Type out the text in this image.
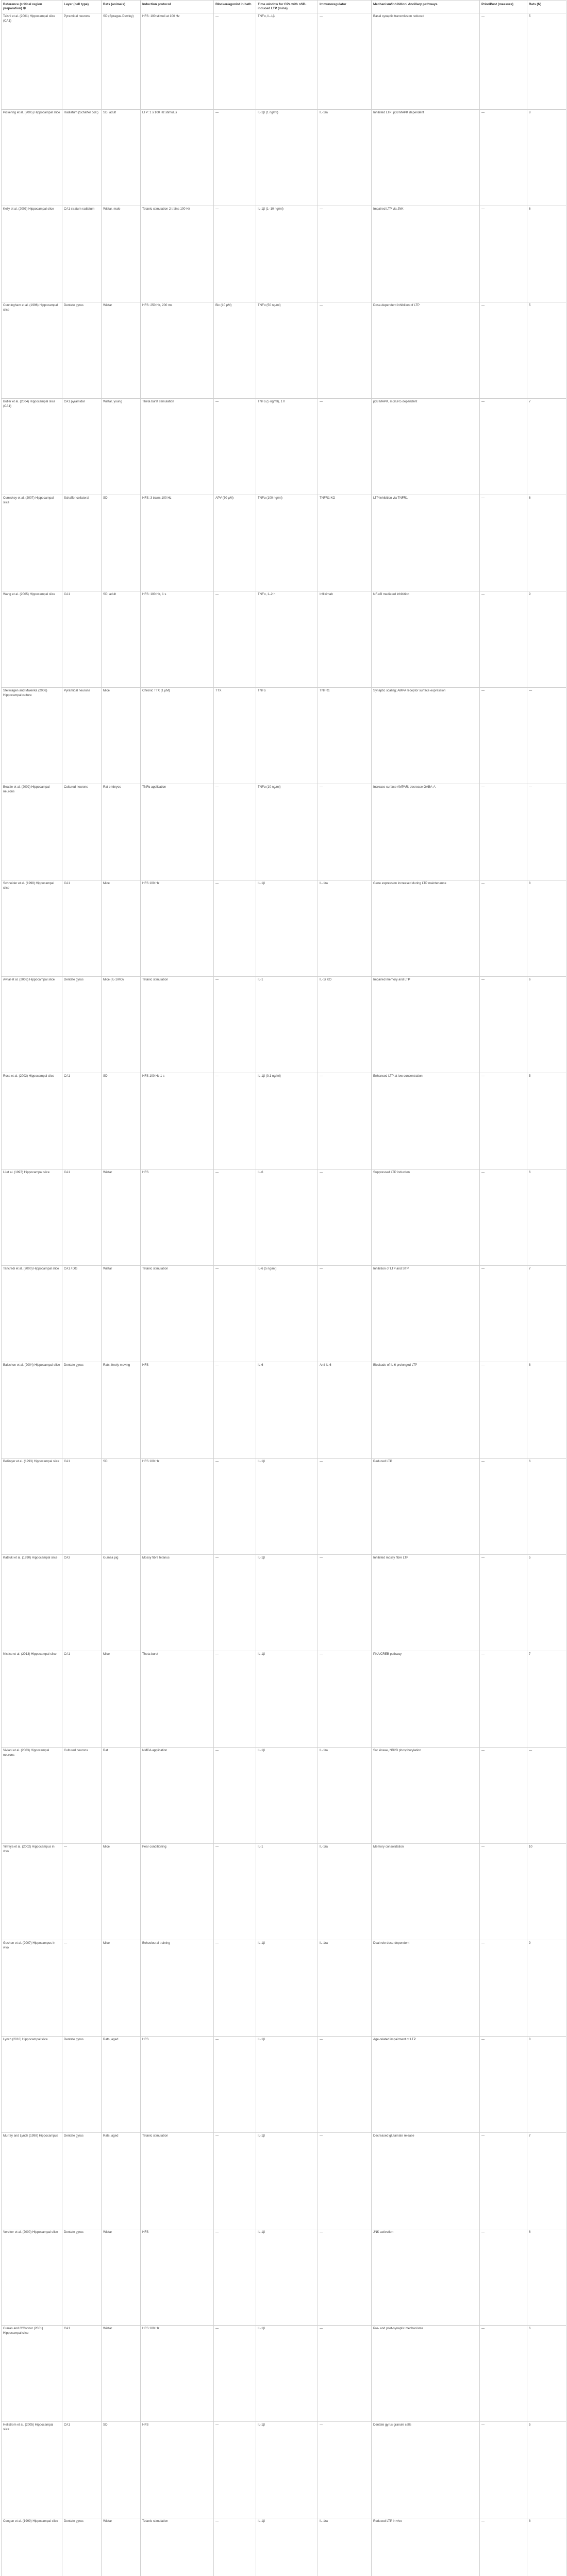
Reference (critical region preparation) ②	Layer (cell type)	Rats (animals)	Induction protocol	Blocker/agonist in bath	Time window for CPs with nSD-induced LTP (mins)	Immunoregulator	Mechanism/inhibition/ Ancillary pathways	Prior/Post (measure)	Rats (N)
Taishi et al. (2001) Hippocampal slice (CA1)	Pyramidal neurons	SD (Sprague-Dawley)	HFS: 100 stimuli at 100 Hz	—	TNFα, IL-1β	—	Basal synaptic transmission reduced	—	5
Pickering et al. (2005) Hippocampal slice	Radiatum (Schaffer coll.)	SD, adult	LTP: 1 s 100 Hz stimulus	—	IL-1β (1 ng/ml)	IL-1ra	Inhibited LTP; p38 MAPK dependent	—	8
Kelly et al. (2003) Hippocampal slice	CA1 stratum radiatum	Wistar, male	Tetanic stimulation 2 trains 100 Hz	—	IL-1β (1–10 ng/ml)	—	Impaired LTP via JNK	—	6
Cunningham et al. (1996) Hippocampal slice	Dentate gyrus	Wistar	HFS: 250 Hz, 200 ms	Bic (10 µM)	TNFα (50 ng/ml)	—	Dose-dependent inhibition of LTP	—	5
Butler et al. (2004) Hippocampal slice (CA1)	CA1 pyramidal	Wistar, young	Theta burst stimulation	—	TNFα (5 ng/ml), 1 h	—	p38 MAPK, mGluR5 dependent	—	7
Cumiskey et al. (2007) Hippocampal slice	Schaffer collateral	SD	HFS: 3 trains 100 Hz	APV (50 µM)	TNFα (100 ng/ml)	TNFR1 KO	LTP inhibition via TNFR1	—	6
Wang et al. (2005) Hippocampal slice	CA1	SD, adult	HFS: 100 Hz, 1 s	—	TNFα, 1–2 h	Infliximab	NF-κB mediated inhibition	—	9
Stellwagen and Malenka (2006) Hippocampal culture	Pyramidal neurons	Mice	Chronic TTX (1 µM)	TTX	TNFα	TNFR1	Synaptic scaling; AMPA receptor surface expression	—	—
Beattie et al. (2002) Hippocampal neurons	Cultured neurons	Rat embryos	TNFα application	—	TNFα (10 ng/ml)	—	Increase surface AMPAR; decrease GABA-A	—	—
Schneider et al. (1998) Hippocampal slice	CA1	Mice	HFS 100 Hz	—	IL-1β	IL-1ra	Gene expression increased during LTP maintenance	—	8
Avital et al. (2003) Hippocampal slice	Dentate gyrus	Mice (IL-1rKO)	Tetanic stimulation	—	IL-1	IL-1r KO	Impaired memory and LTP	—	6
Ross et al. (2003) Hippocampal slice	CA1	SD	HFS 100 Hz 1 s	—	IL-1β (0.1 ng/ml)	—	Enhanced LTP at low concentration	—	5
Li et al. (1997) Hippocampal slice	CA1	Wistar	HFS	—	IL-6	—	Suppressed LTP induction	—	6
Tancredi et al. (2000) Hippocampal slice	CA1 / DG	Wistar	Tetanic stimulation	—	IL-6 (5 ng/ml)	—	Inhibition of LTP and STP	—	7
Balschun et al. (2004) Hippocampal slice	Dentate gyrus	Rats, freely moving	HFS	—	IL-6	Anti IL-6	Blockade of IL-6 prolonged LTP	—	8
Bellinger et al. (1993) Hippocampal slice	CA1	SD	HFS 100 Hz	—	IL-1β	—	Reduced LTP	—	6
Katsuki et al. (1990) Hippocampal slice	CA3	Guinea pig	Mossy fibre tetanus	—	IL-1β	—	Inhibited mossy fibre LTP	—	5
Nistico et al. (2013) Hippocampal slice	CA1	Mice	Theta burst	—	IL-1β	—	PKA/CREB pathway	—	7
Viviani et al. (2003) Hippocampal neurons	Cultured neurons	Rat	NMDA application	—	IL-1β	IL-1ra	Src kinase, NR2B phosphorylation	—	—
Yirmiya et al. (2002) Hippocampus in vivo	—	Mice	Fear conditioning	—	IL-1	IL-1ra	Memory consolidation	—	10
Goshen et al. (2007) Hippocampus in vivo	—	Mice	Behavioural training	—	IL-1β	IL-1ra	Dual role dose-dependent	—	9
Lynch (2010) Hippocampal slice	Dentate gyrus	Rats, aged	HFS	—	IL-1β	—	Age-related impairment of LTP	—	8
Murray and Lynch (1998) Hippocampus	Dentate gyrus	Rats, aged	Tetanic stimulation	—	IL-1β	—	Decreased glutamate release	—	7
Vereker et al. (2000) Hippocampal slice	Dentate gyrus	Wistar	HFS	—	IL-1β	—	JNK activation	—	6
Curran and O'Connor (2001) Hippocampal slice	CA1	Wistar	HFS 100 Hz	—	IL-1β	—	Pre- and post-synaptic mechanisms	—	6
Hellstrom et al. (2005) Hippocampal slice	CA1	SD	HFS	—	IL-1β	—	Dentate gyrus granule cells	—	5
Coogan et al. (1999) Hippocampal slice	Dentate gyrus	Wistar	Tetanic stimulation	—	IL-1β	IL-1ra	Reduced LTP in vivo	—	8
